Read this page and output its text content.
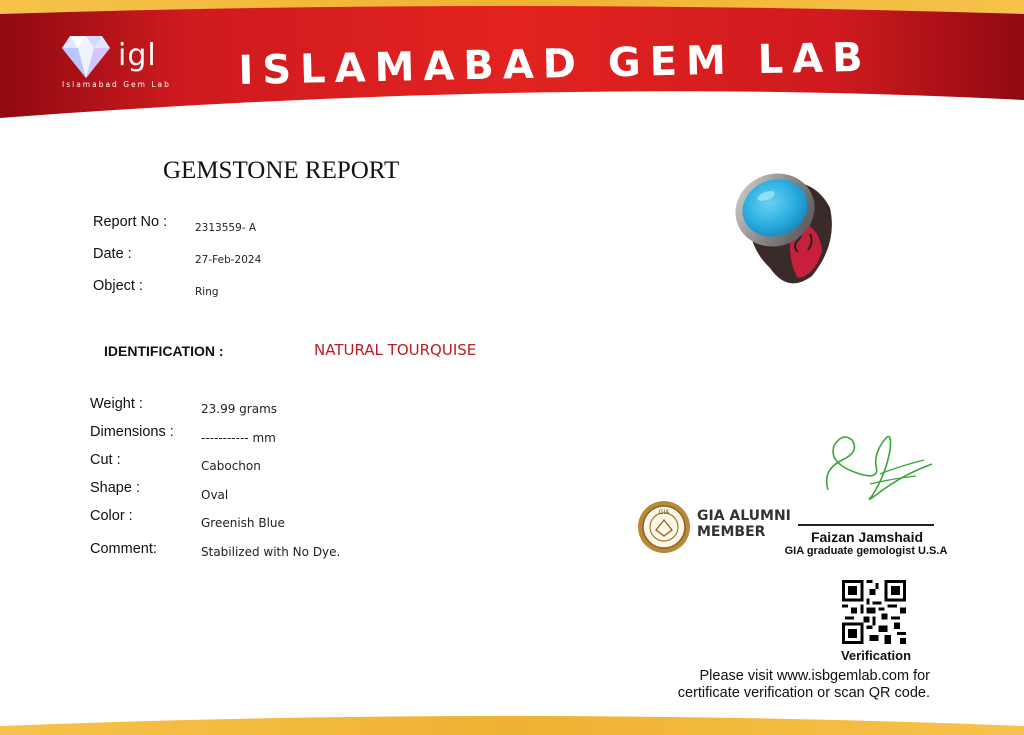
igl
Islamabad Gem Lab ISLAMABAD GEM LAB
GEMSTONE REPORT
Report No :	2313559- A
Date :	27-Feb-2024
Object :	Ring
IDENTIFICATION :	NATURAL TOURQUISE
Weight :	23.99 grams
Dimensions : ----------- mm
Cut :	Cabochon
Shape :	Oval
Color :	Greenish Blue
Comment:	Stabilized with No Dye.
GIA GIA ALUMNI
MEMBER	Faizan Jamshaid
GIA graduate gemologist U.S.A
Verification
Please visit www.isbgemlab.com for
certificate verification or scan QR code.
